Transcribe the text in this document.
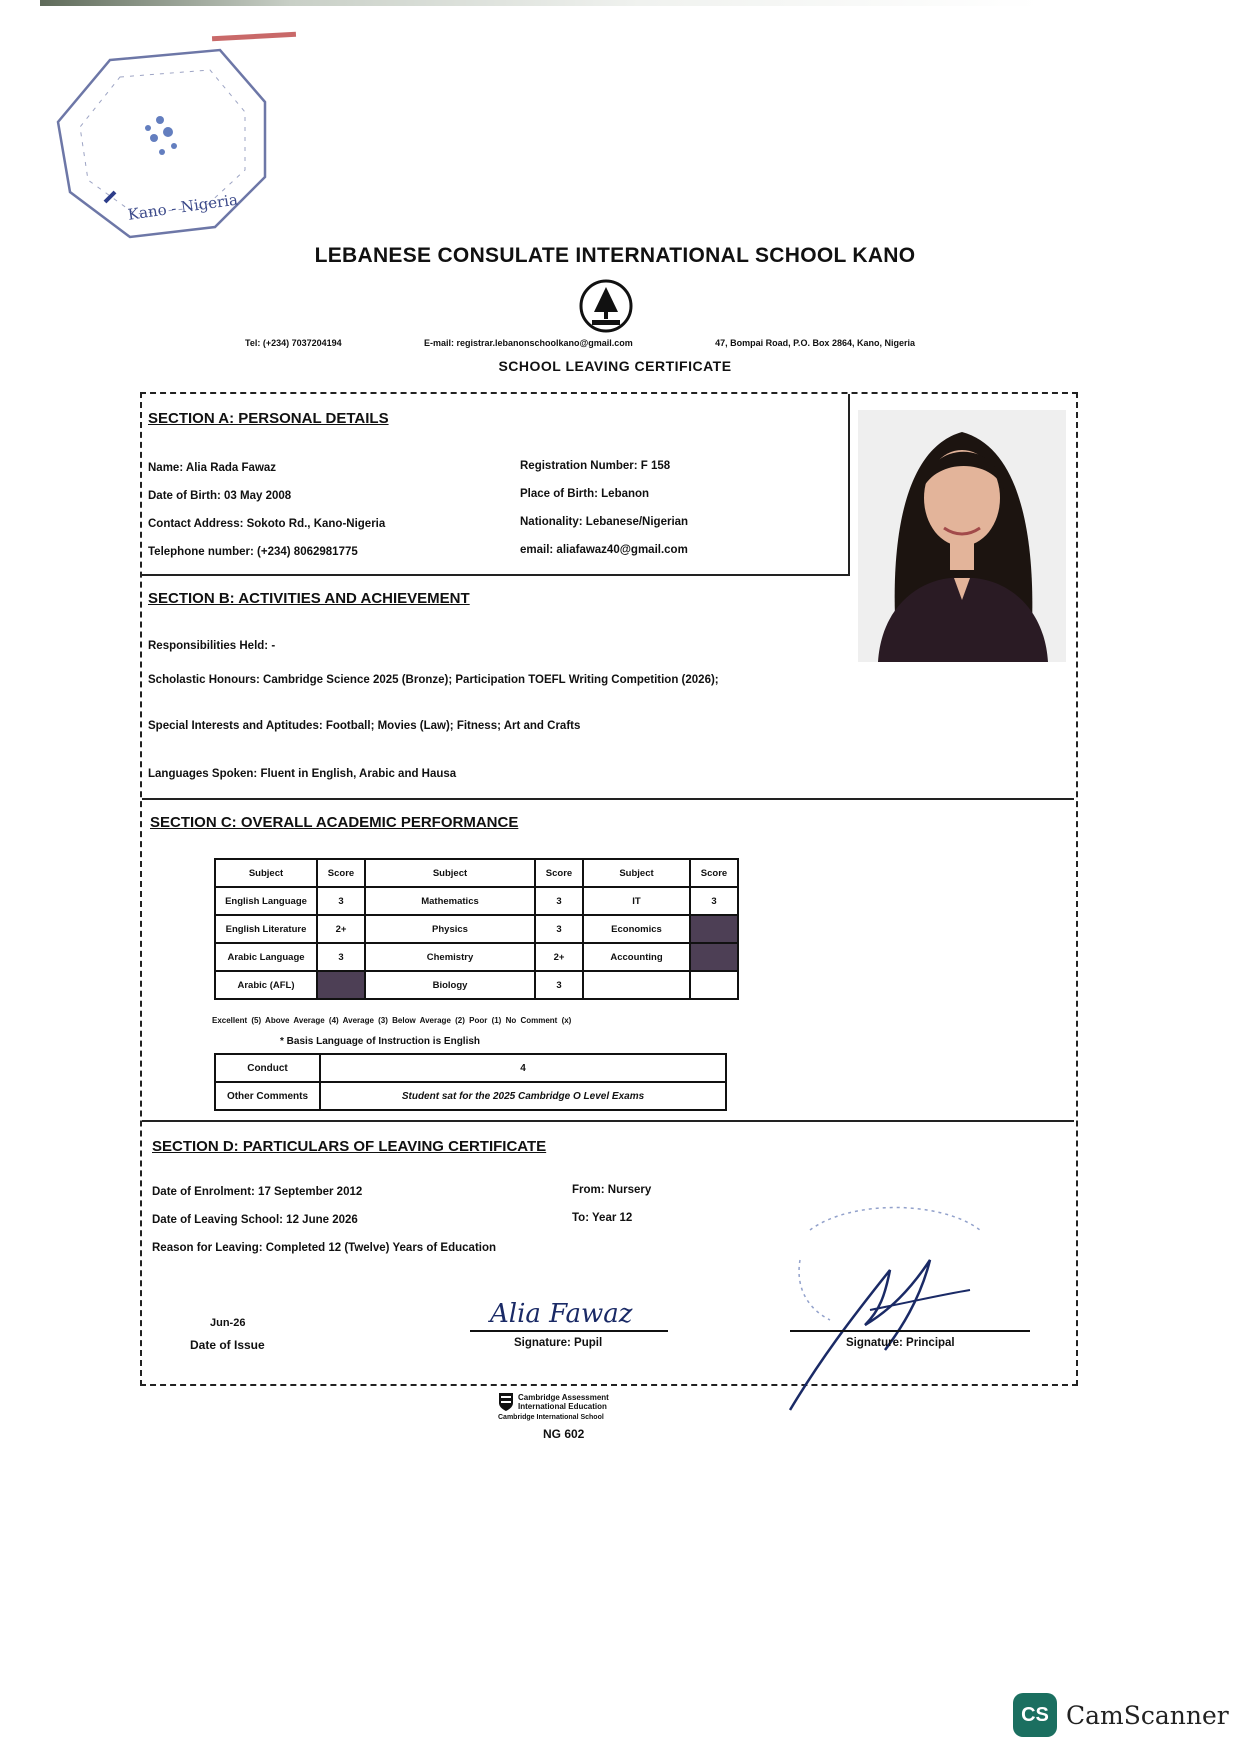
Kano - Nigeria
LEBANESE CONSULATE INTERNATIONAL SCHOOL KANO
Tel: (+234) 7037204194	E-mail: registrar.lebanonschoolkano@gmail.com	47, Bompai Road, P.O. Box 2864, Kano, Nigeria
SCHOOL LEAVING CERTIFICATE
SECTION A: PERSONAL DETAILS
Name: Alia Rada Fawaz
Date of Birth: 03 May 2008
Contact Address: Sokoto Rd., Kano-Nigeria
Telephone number: (+234) 8062981775
Registration Number: F 158
Place of Birth: Lebanon
Nationality: Lebanese/Nigerian
email: aliafawaz40@gmail.com
SECTION B: ACTIVITIES AND ACHIEVEMENT
Responsibilities Held: -
Scholastic Honours: Cambridge Science 2025 (Bronze); Participation TOEFL Writing Competition (2026);
Special Interests and Aptitudes: Football; Movies (Law); Fitness; Art and Crafts
Languages Spoken: Fluent in English, Arabic and Hausa
SECTION C: OVERALL ACADEMIC PERFORMANCE
Subject	Score	Subject	Score	Subject	Score
English Language	3	Mathematics	3	IT	3
English Literature	2+	Physics	3	Economics	
Arabic Language	3	Chemistry	2+	Accounting	
Arabic (AFL)		Biology	3		
Excellent (5) Above Average (4) Average (3) Below Average (2) Poor (1) No Comment (x)
* Basis Language of Instruction is English
Conduct	4
Other Comments	Student sat for the 2025 Cambridge O Level Exams
SECTION D: PARTICULARS OF LEAVING CERTIFICATE
Date of Enrolment: 17 September 2012
Date of Leaving School: 12 June 2026
Reason for Leaving: Completed 12 (Twelve) Years of Education
From: Nursery
To: Year 12
Jun-26
Date of Issue
Alia Fawaz
Signature: Pupil	Signature: Principal
Cambridge Assessment
International Education
Cambridge International School
NG 602
CS CamScanner
